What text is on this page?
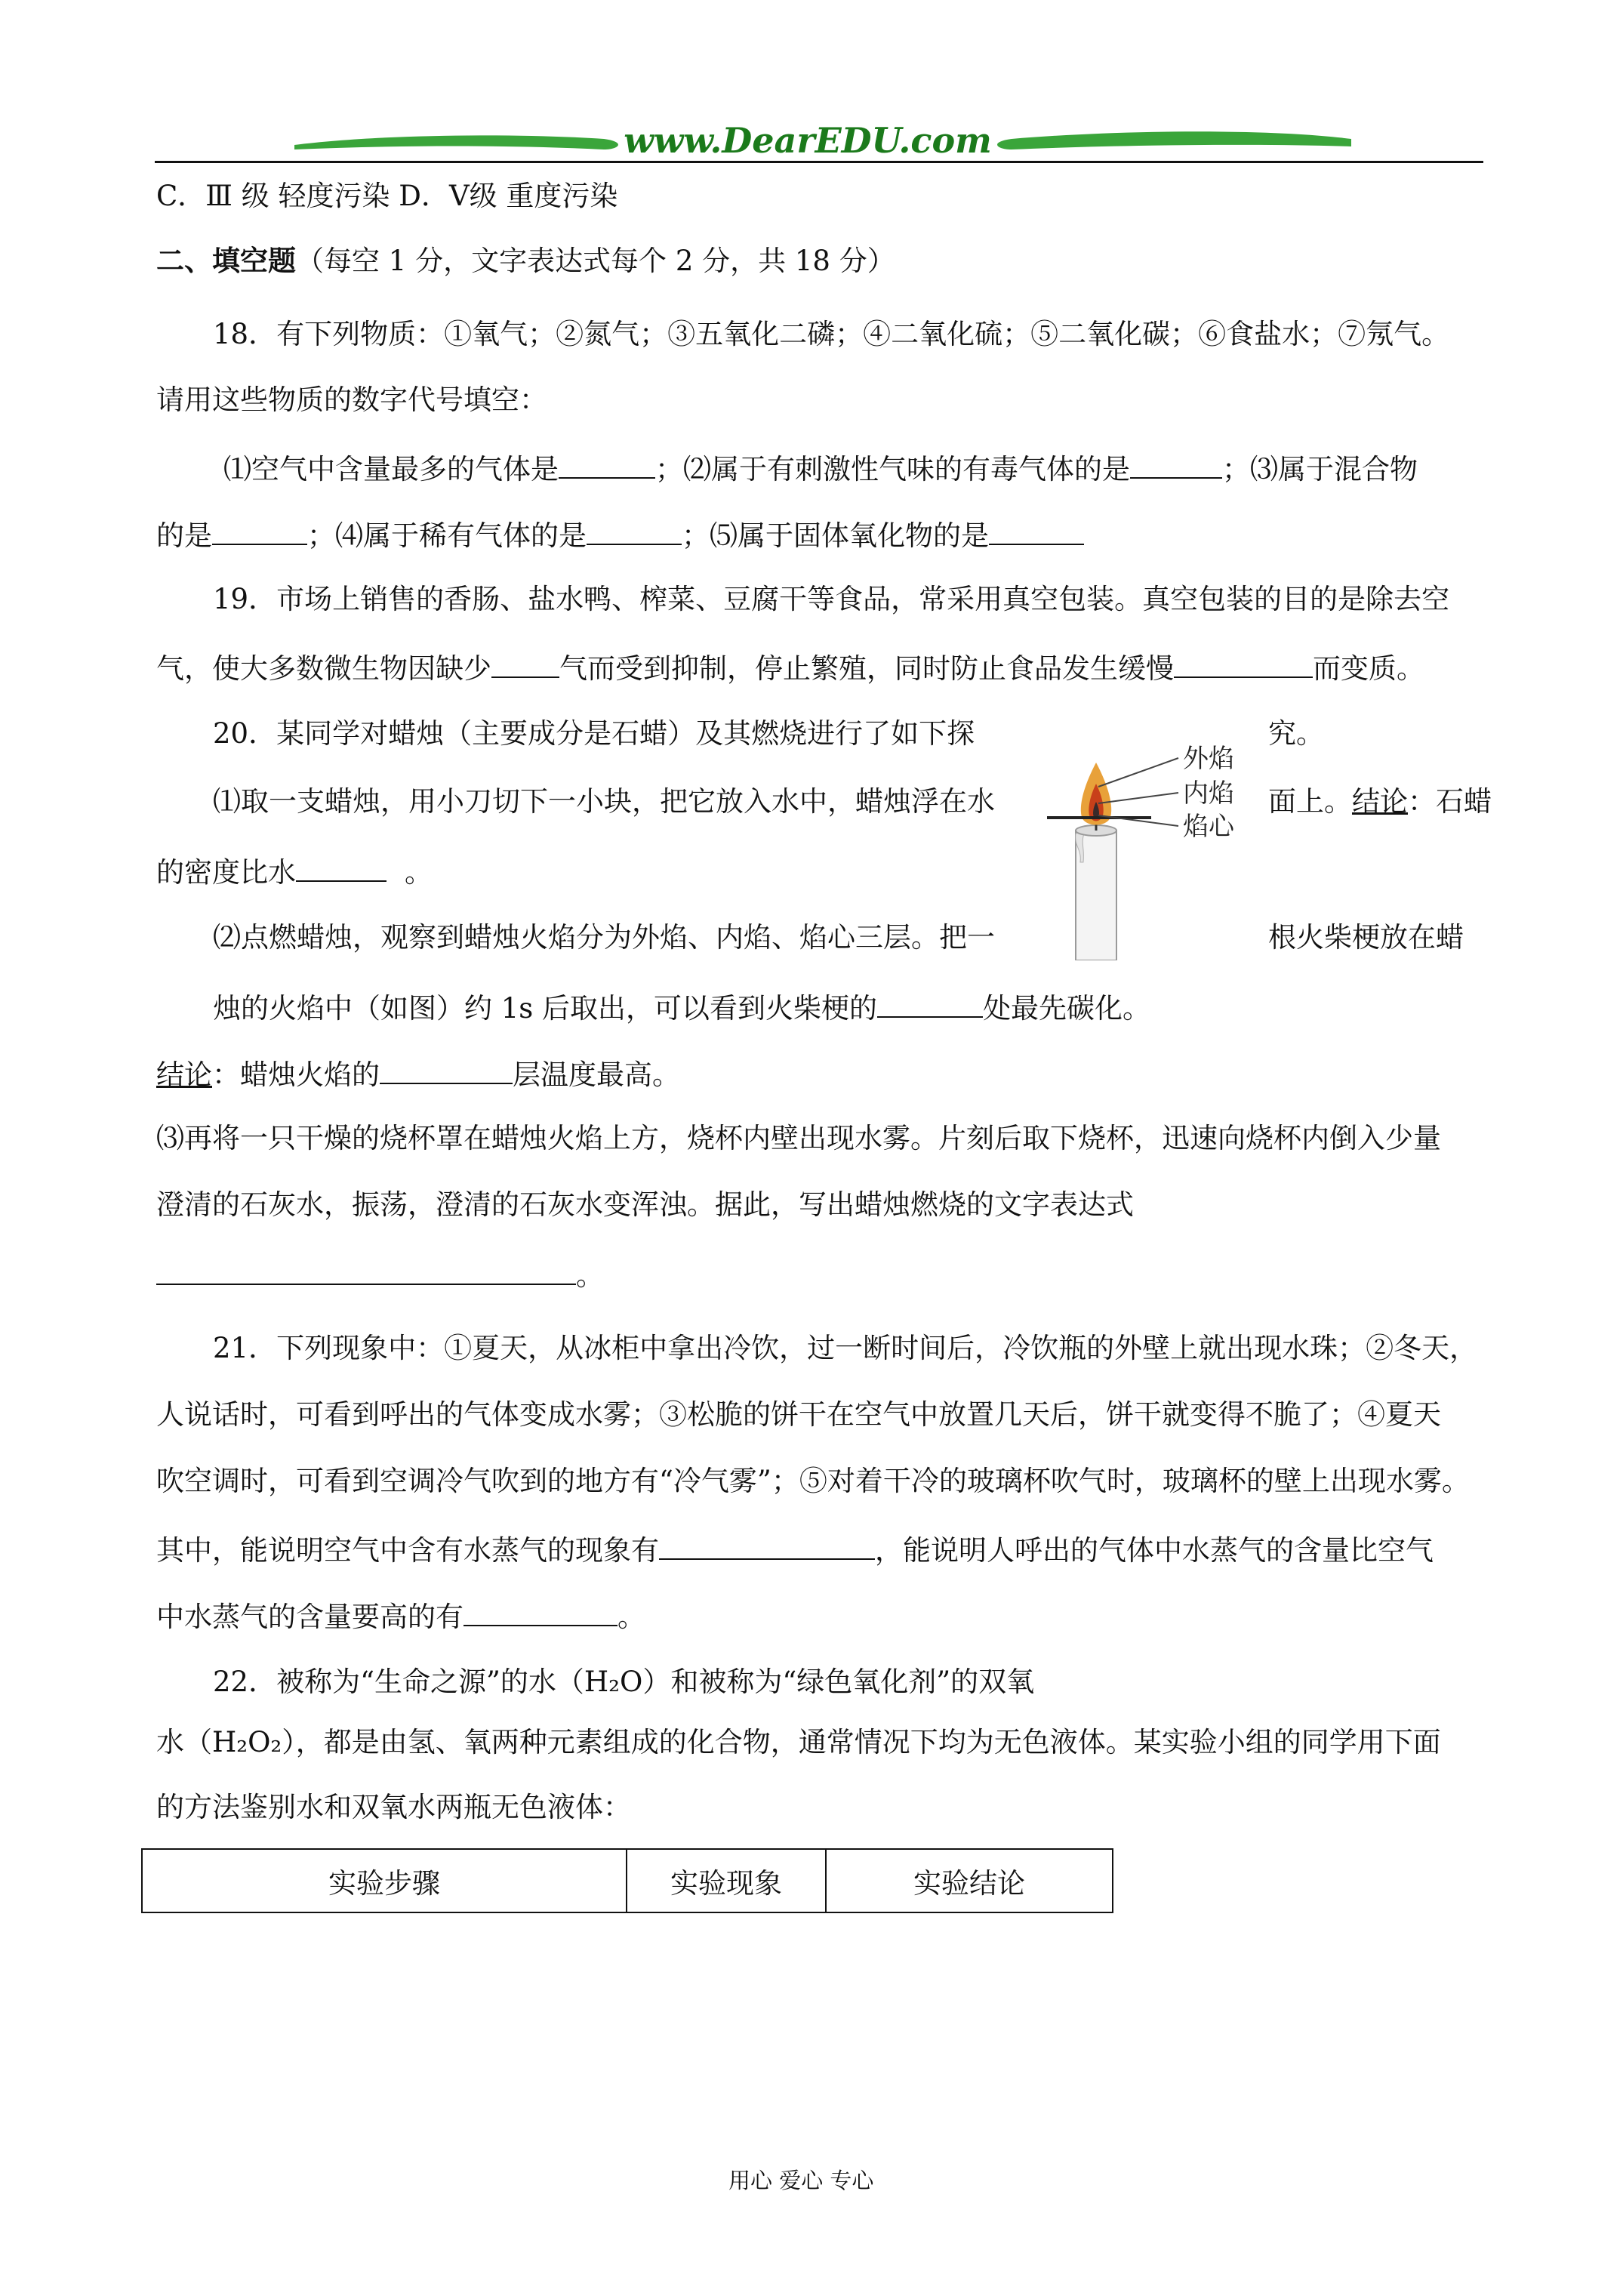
www.DearEDU.com
C．Ⅲ 级 轻度污染 D．Ⅴ级 重度污染
二、填空题（每空 1 分，文字表达式每个 2 分，共 18 分）
18．有下列物质：①氧气；②氮气；③五氧化二磷；④二氧化硫；⑤二氧化碳；⑥食盐水；⑦氖气。
请用这些物质的数字代号填空：
⑴空气中含量最多的气体是	；⑵属于有刺激性气味的有毒气体的是	；⑶属于混合物
的是	；⑷属于稀有气体的是	；⑸属于固体氧化物的是
19．市场上销售的香肠、盐水鸭、榨菜、豆腐干等食品，常采用真空包装。真空包装的目的是除去空
气，使大多数微生物因缺少 气而受到抑制，停止繁殖，同时防止食品发生缓慢	而变质。
20．某同学对蜡烛（主要成分是石蜡）及其燃烧进行了如下探	究。
⑴取一支蜡烛，用小刀切下一小块，把它放入水中，蜡烛浮在水	面上。结论：石蜡
的密度比水	。
⑵点燃蜡烛，观察到蜡烛火焰分为外焰、内焰、焰心三层。把一	根火柴梗放在蜡
烛的火焰中（如图）约 1s 后取出，可以看到火柴梗的	处最先碳化。
结论：蜡烛火焰的	层温度最高。
⑶再将一只干燥的烧杯罩在蜡烛火焰上方，烧杯内壁出现水雾。片刻后取下烧杯，迅速向烧杯内倒入少量
澄清的石灰水，振荡，澄清的石灰水变浑浊。据此，写出蜡烛燃烧的文字表达式
。
外焰
内焰
焰心
21．下列现象中：①夏天，从冰柜中拿出冷饮，过一断时间后，冷饮瓶的外壁上就出现水珠；②冬天，
人说话时，可看到呼出的气体变成水雾；③松脆的饼干在空气中放置几天后，饼干就变得不脆了；④夏天
吹空调时，可看到空调冷气吹到的地方有“冷气雾”；⑤对着干冷的玻璃杯吹气时，玻璃杯的壁上出现水雾。
其中，能说明空气中含有水蒸气的现象有	，能说明人呼出的气体中水蒸气的含量比空气
中水蒸气的含量要高的有	。
22．被称为“生命之源”的水（H₂O）和被称为“绿色氧化剂”的双氧
水（H₂O₂），都是由氢、氧两种元素组成的化合物，通常情况下均为无色液体。某实验小组的同学用下面
的方法鉴别水和双氧水两瓶无色液体：
实验步骤	实验现象	实验结论
用心 爱心 专心
